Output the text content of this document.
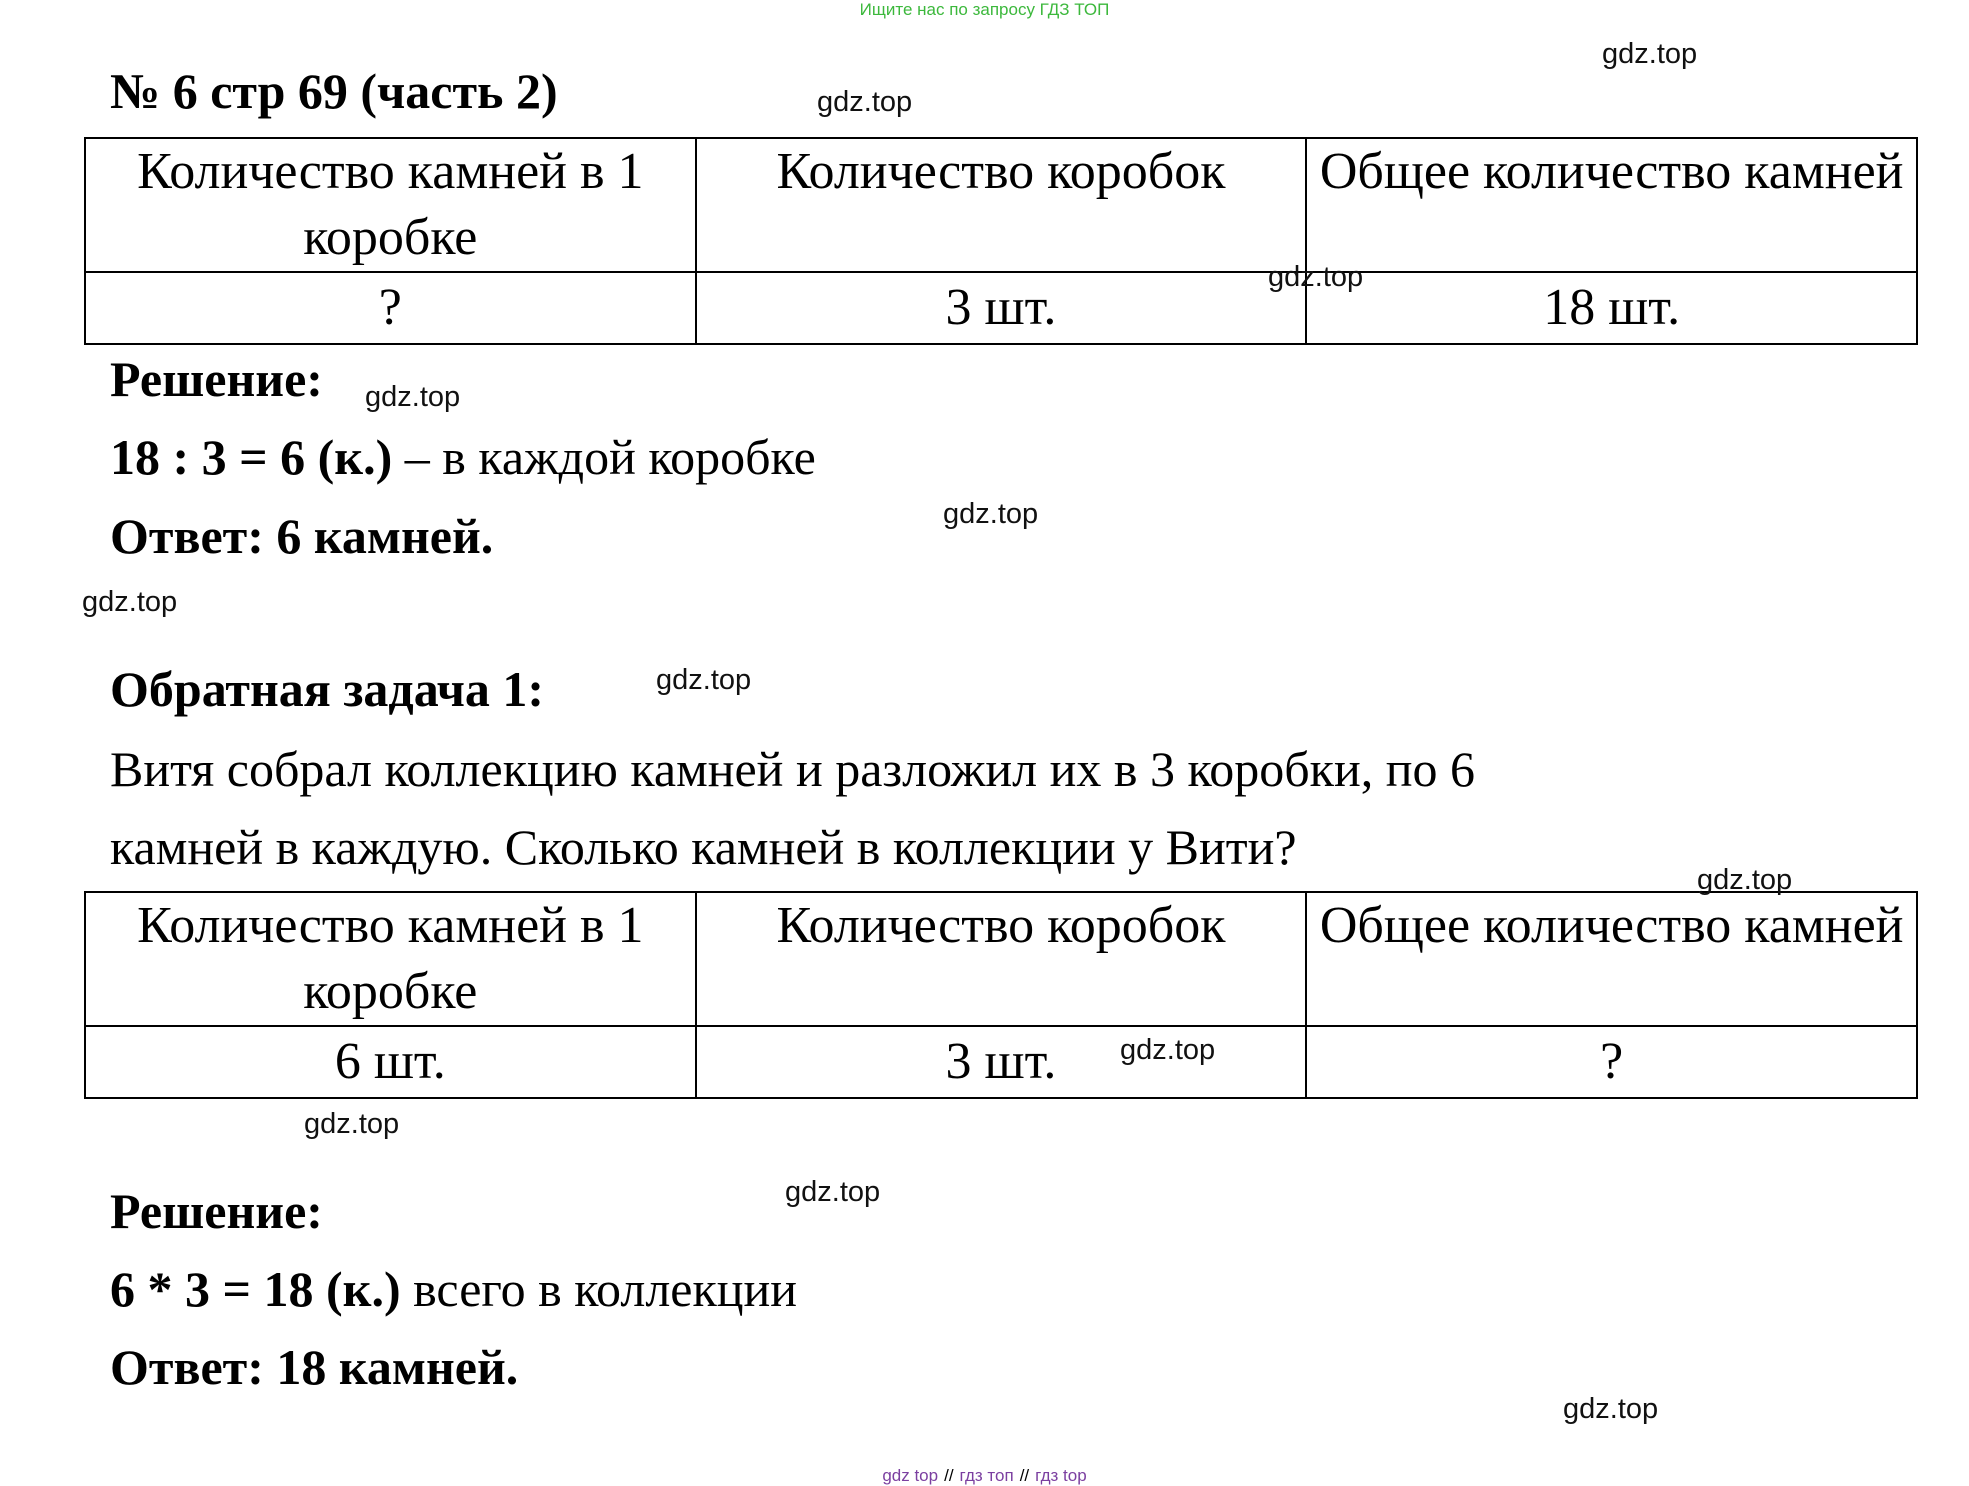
Ищите нас по запросу ГДЗ ТОП
№ 6 стр 69 (часть 2)
Количество камней в 1 коробке	Количество коробок	Общее количество камней
?	3 шт.	18 шт.
Решение:
18 : 3 = 6 (к.) – в каждой коробке
Ответ: 6 камней.
Обратная задача 1:
Витя собрал коллекцию камней и разложил их в 3 коробки, по 6
камней в каждую. Сколько камней в коллекции у Вити?
Количество камней в 1 коробке	Количество коробок	Общее количество камней
6 шт.	3 шт.	?
Решение:
6 * 3 = 18 (к.) всего в коллекции
Ответ: 18 камней.
gdz.top
gdz.top
gdz.top
gdz.top
gdz.top
gdz.top
gdz.top
gdz.top
gdz.top
gdz.top
gdz.top
gdz.top
gdz top // гдз топ // гдз top
